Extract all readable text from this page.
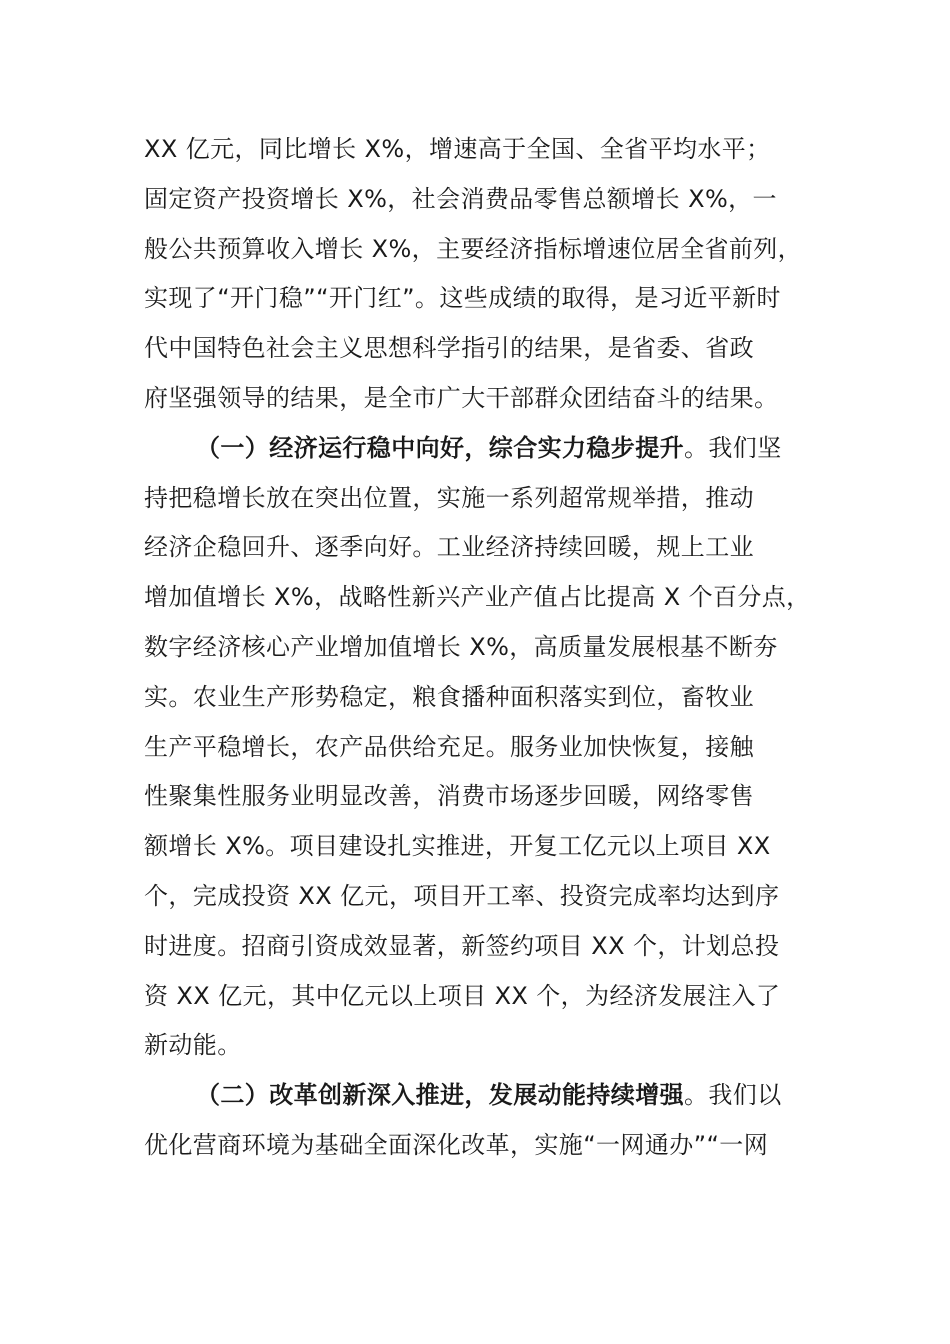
XX 亿元，同比增长 X%，增速高于全国、全省平均水平；
固定资产投资增长 X%，社会消费品零售总额增长 X%，一
般公共预算收入增长 X%，主要经济指标增速位居全省前列，
实现了“开门稳”“开门红”。这些成绩的取得，是习近平新时
代中国特色社会主义思想科学指引的结果，是省委、省政
府坚强领导的结果，是全市广大干部群众团结奋斗的结果。
（一）经济运行稳中向好，综合实力稳步提升。我们坚
持把稳增长放在突出位置，实施一系列超常规举措，推动
经济企稳回升、逐季向好。工业经济持续回暖，规上工业
增加值增长 X%，战略性新兴产业产值占比提高 X 个百分点，
数字经济核心产业增加值增长 X%，高质量发展根基不断夯
实。农业生产形势稳定，粮食播种面积落实到位，畜牧业
生产平稳增长，农产品供给充足。服务业加快恢复，接触
性聚集性服务业明显改善，消费市场逐步回暖，网络零售
额增长 X%。项目建设扎实推进，开复工亿元以上项目 XX
个，完成投资 XX 亿元，项目开工率、投资完成率均达到序
时进度。招商引资成效显著，新签约项目 XX 个，计划总投
资 XX 亿元，其中亿元以上项目 XX 个，为经济发展注入了
新动能。
（二）改革创新深入推进，发展动能持续增强。我们以
优化营商环境为基础全面深化改革，实施“一网通办”“一网
